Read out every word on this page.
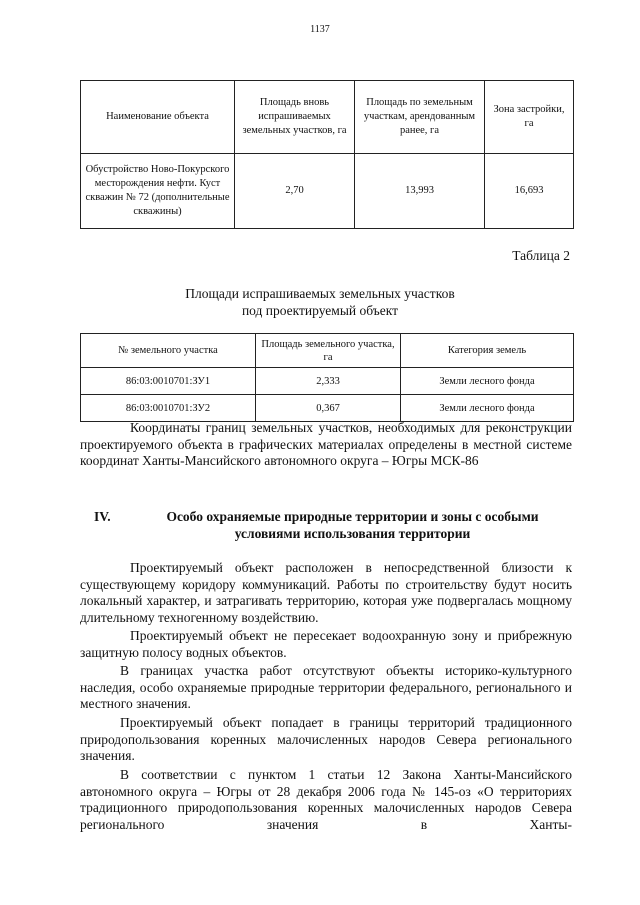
1137
Наименование объекта	Площадь вновь испрашиваемых земельных участков, га	Площадь по земельным участкам, арендованным ранее, га	Зона застройки, га
Обустройство Ново-Покурского месторождения нефти. Куст скважин № 72 (дополнительные скважины)	2,70	13,993	16,693
Таблица 2
Площади испрашиваемых земельных участков
под проектируемый объект
№ земельного участка	Площадь земельного участка, га	Категория земель
86:03:0010701:ЗУ1	2,333	Земли лесного фонда
86:03:0010701:ЗУ2	0,367	Земли лесного фонда
Координаты границ земельных участков, необходимых для реконструкции проектируемого объекта в графических материалах определены в местной системе координат Ханты-Мансийского автономного округа – Югры МСК-86
IV.	Особо охраняемые природные территории и зоны с особыми
условиями использования территории
Проектируемый объект расположен в непосредственной близости к существующему коридору коммуникаций. Работы по строительству будут носить локальный характер, и затрагивать территорию, которая уже подвергалась мощному длительному техногенному воздействию.
Проектируемый объект не пересекает водоохранную зону и прибрежную защитную полосу водных объектов.
В границах участка работ отсутствуют объекты историко-культурного наследия, особо охраняемые природные территории федерального, регионального и местного значения.
Проектируемый объект попадает в границы территорий традиционного природопользования коренных малочисленных народов Севера регионального значения.
В соответствии с пунктом 1 статьи 12 Закона Ханты-Мансийского автономного округа – Югры от 28 декабря 2006 года № 145-оз «О территориях традиционного природопользования коренных малочисленных народов Севера регионального значения в Ханты-
